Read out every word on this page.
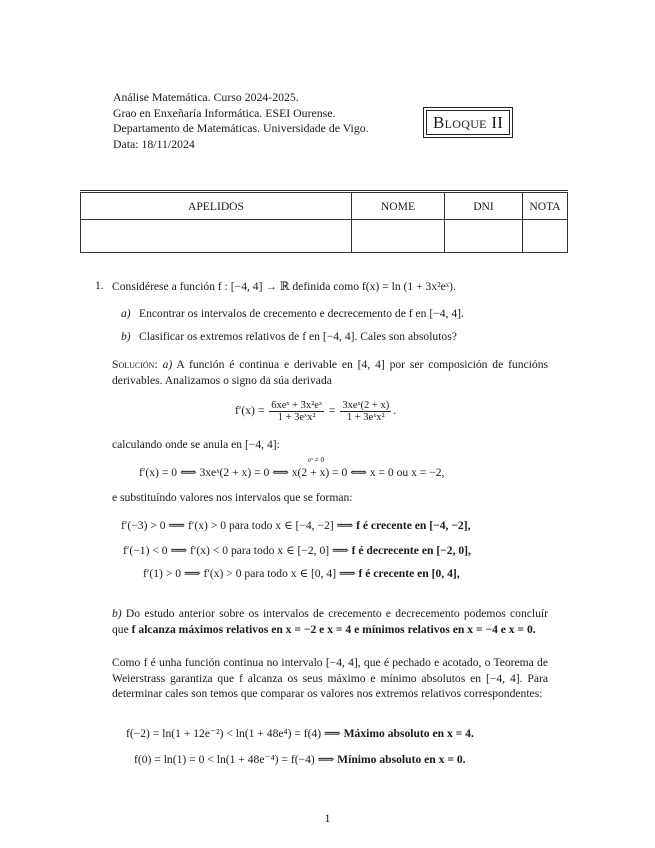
Análise Matemática. Curso 2024-2025.
Grao en Enxeñaría Informática. ESEI Ourense.
Departamento de Matemáticas. Universidade de Vigo.
Data: 18/11/2024
Bloque II
APELIDOS	NOME	DNI	NOTA

1. Considérese a función f : [−4, 4] → ℝ definida como f(x) = ln (1 + 3x²eˣ).
a) Encontrar os intervalos de crecemento e decrecemento de f en [−4, 4].
b) Clasificar os extremos relativos de f en [−4, 4]. Cales son absolutos?
Solución: a) A función é continua e derivable en [4, 4] por ser composición de funcións derivables. Analizamos o signo da súa derivada
$f'(x) = \frac{\text{6xeˣ + 3x²eˣ}}{\text{1 + 3eˣx²}} = \frac{\text{3xeˣ(2 + x)}}{\text{1 + 3eˣx²}}$ .
calculando onde se anula en [−4, 4]:
eˣ ≠ 0
f′(x) = 0 ⟺ 3xeˣ(2 + x) = 0 ⟺ x(2 + x) = 0 ⟺ x = 0 ou x = −2,
e substituíndo valores nos intervalos que se forman:
f′(−3) > 0 ⟹ f′(x) > 0 para todo x ∈ [−4, −2] ⟹ f é crecente en [−4, −2],
f′(−1) < 0 ⟹ f′(x) < 0 para todo x ∈ [−2, 0] ⟹ f é decrecente en [−2, 0],
f′(1) > 0 ⟹ f′(x) > 0 para todo x ∈ [0, 4] ⟹ f é crecente en [0, 4],
b) Do estudo anterior sobre os intervalos de crecemento e decrecemento podemos concluír que f alcanza máximos relativos en x = −2 e x = 4 e mínimos relativos en x = −4 e x = 0.
Como f é unha función continua no intervalo [−4, 4], que é pechado e acotado, o Teorema de Weierstrass garantiza que f alcanza os seus máximo e mínimo absolutos en [−4, 4]. Para determinar cales son temos que comparar os valores nos extremos relativos correspondentes:
f(−2) = ln(1 + 12e⁻²) < ln(1 + 48e⁴) = f(4) ⟹ Máximo absoluto en x = 4.
f(0) = ln(1) = 0 < ln(1 + 48e⁻⁴) = f(−4) ⟹ Mínimo absoluto en x = 0.
1
